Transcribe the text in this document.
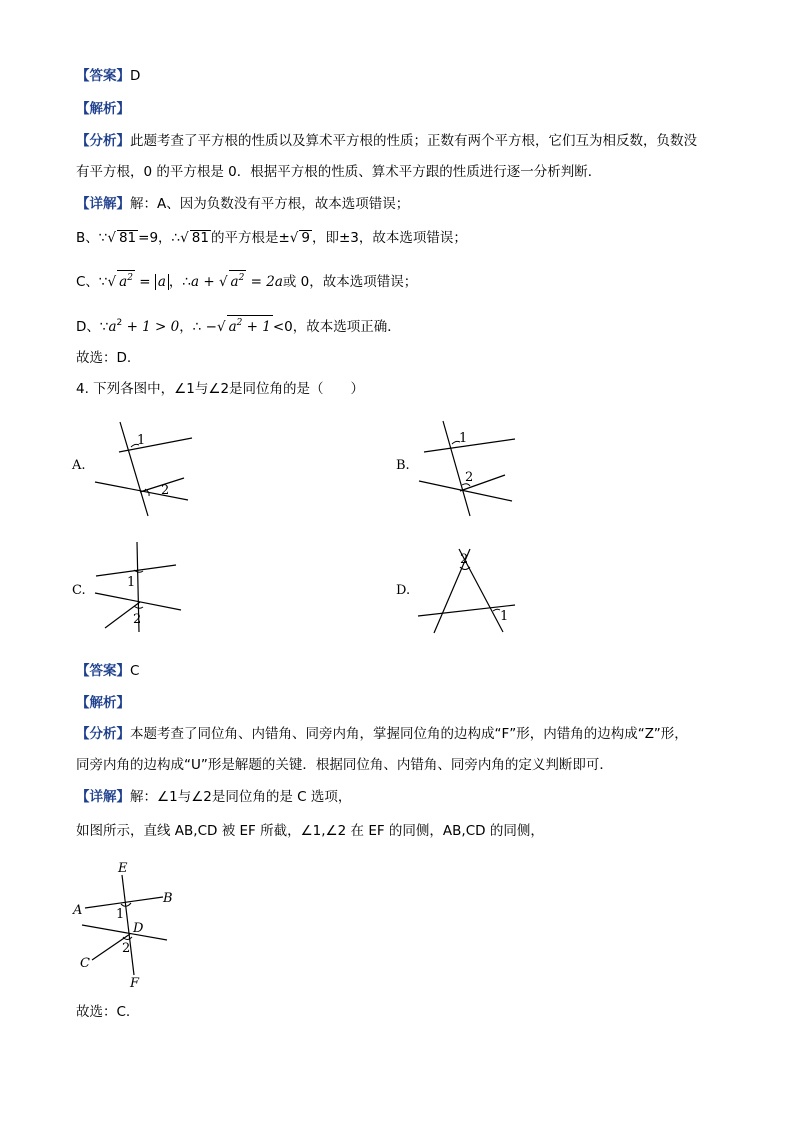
【答案】D
【解析】
【分析】此题考查了平方根的性质以及算术平方根的性质；正数有两个平方根，它们互为相反数，负数没
有平方根，0 的平方根是 0．根据平方根的性质、算术平方跟的性质进行逐一分析判断．
【详解】解：A、因为负数没有平方根，故本选项错误；
B、∵√ 81 =9，∴√ 81 的平方根是±√ 9 ，即±3，故本选项错误；
C、∵√ $a^2 = a$ ，∴a + √ $a^2 = 2a$或 0，故本选项错误；
D、$\because a^2 + 1 > 0$，∴ −√ $a^2 + 1 <0$，故本选项正确．
故选：D.
4. 下列各图中，∠1与∠2是同位角的是（　　）
A.
1
2
B.
1
2
C.
1
2
D.
2
1
【答案】C
【解析】
【分析】本题考查了同位角、内错角、同旁内角，掌握同位角的边构成“F”形，内错角的边构成“Z”形，
同旁内角的边构成“U”形是解题的关键．根据同位角、内错角、同旁内角的定义判断即可．
【详解】解：∠1与∠2是同位角的是 C 选项，
如图所示，直线 AB,CD 被 EF 所截，∠1,∠2 在 EF 的同侧，AB,CD 的同侧，
E
B
A	1
D
2
C
F
故选：C.
